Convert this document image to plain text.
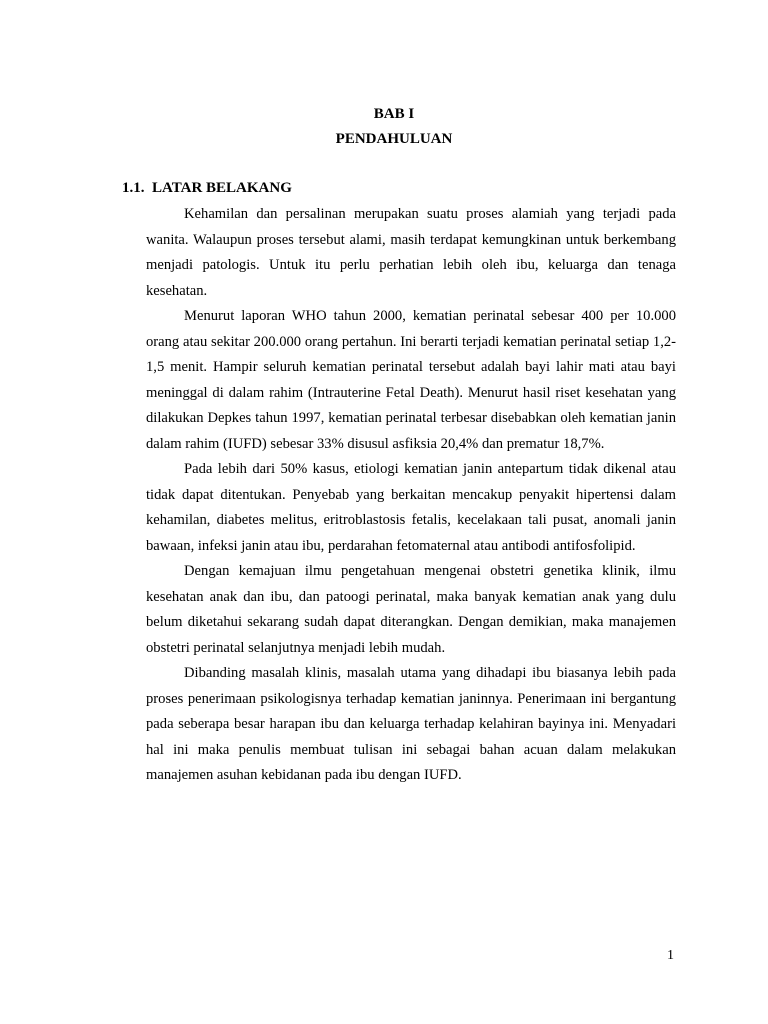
BAB I
PENDAHULUAN
1.1.  LATAR BELAKANG

Kehamilan dan persalinan merupakan suatu proses alamiah yang terjadi pada wanita. Walaupun proses tersebut alami, masih terdapat kemungkinan untuk berkembang menjadi patologis. Untuk itu perlu perhatian lebih oleh ibu, keluarga dan tenaga kesehatan.

Menurut laporan WHO tahun 2000, kematian perinatal sebesar 400 per 10.000 orang atau sekitar 200.000 orang pertahun. Ini berarti terjadi kematian perinatal setiap 1,2-1,5 menit. Hampir seluruh kematian perinatal tersebut adalah bayi lahir mati atau bayi meninggal di dalam rahim (Intrauterine Fetal Death). Menurut hasil riset kesehatan yang dilakukan Depkes tahun 1997, kematian perinatal terbesar disebabkan oleh kematian janin dalam rahim (IUFD) sebesar 33% disusul asfiksia 20,4% dan prematur 18,7%.

Pada lebih dari 50% kasus, etiologi kematian janin antepartum tidak dikenal atau tidak dapat ditentukan. Penyebab yang berkaitan mencakup penyakit hipertensi dalam kehamilan, diabetes melitus, eritroblastosis fetalis, kecelakaan tali pusat, anomali janin bawaan, infeksi janin atau ibu, perdarahan fetomaternal atau antibodi antifosfolipid.

Dengan kemajuan ilmu pengetahuan mengenai obstetri genetika klinik, ilmu kesehatan anak dan ibu, dan patoogi perinatal, maka banyak kematian anak yang dulu belum diketahui sekarang sudah dapat diterangkan. Dengan demikian, maka manajemen obstetri perinatal selanjutnya menjadi lebih mudah.

Dibanding masalah klinis, masalah utama yang dihadapi ibu biasanya lebih pada proses penerimaan psikologisnya terhadap kematian janinnya. Penerimaan ini bergantung pada seberapa besar harapan ibu dan keluarga terhadap kelahiran bayinya ini. Menyadari hal ini maka penulis membuat tulisan ini sebagai bahan acuan dalam melakukan manajemen asuhan kebidanan pada ibu dengan IUFD.

1
